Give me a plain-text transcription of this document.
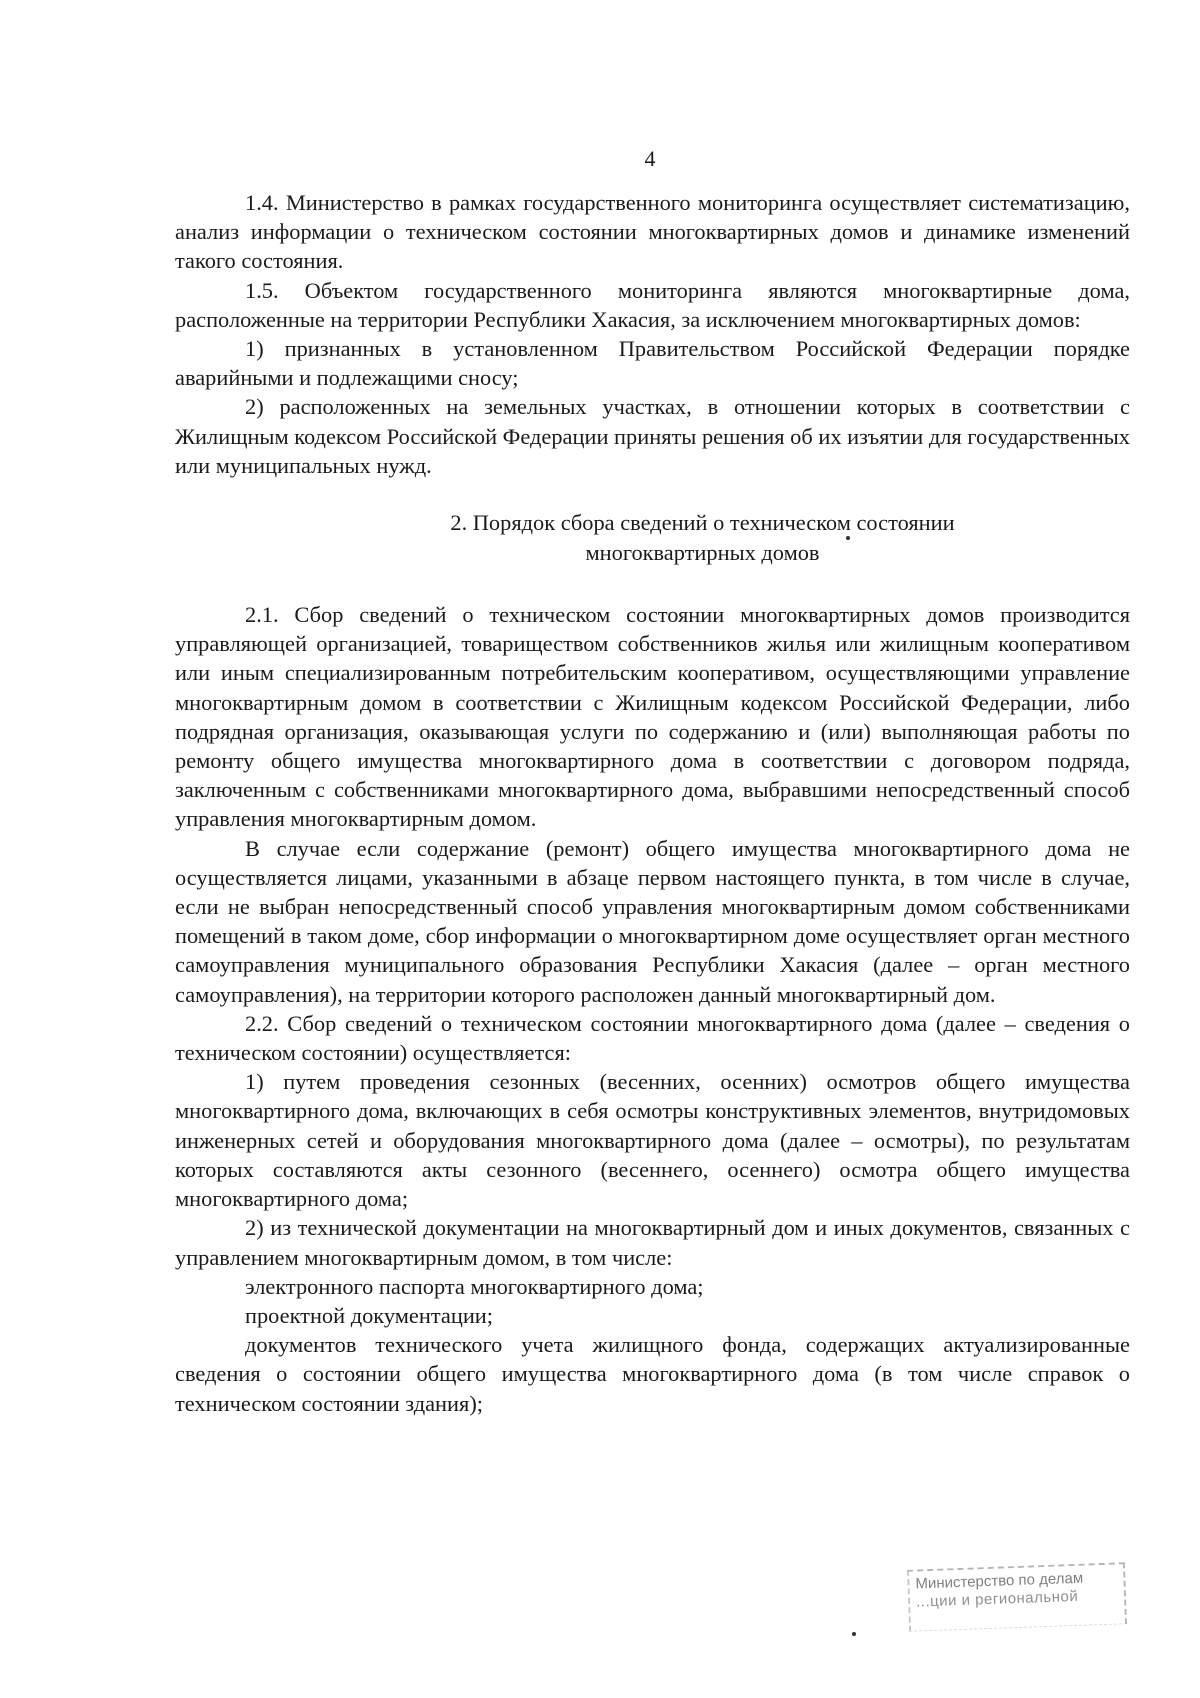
4

1.4. Министерство в рамках государственного мониторинга осуществляет систематизацию, анализ информации о техническом состоянии многоквартирных домов и динамике изменений такого состояния.

1.5. Объектом государственного мониторинга являются многоквартирные дома, расположенные на территории Республики Хакасия, за исключением многоквартирных домов:

1) признанных в установленном Правительством Российской Федерации порядке аварийными и подлежащими сносу;

2) расположенных на земельных участках, в отношении которых в соответствии с Жилищным кодексом Российской Федерации приняты решения об их изъятии для государственных или муниципальных нужд.

2. Порядок сбора сведений о техническом состоянии
многоквартирных домов

2.1. Сбор сведений о техническом состоянии многоквартирных домов производится управляющей организацией, товариществом собственников жилья или жилищным кооперативом или иным специализированным потребительским кооперативом, осуществляющими управление многоквартирным домом в соответствии с Жилищным кодексом Российской Федерации, либо подрядная организация, оказывающая услуги по содержанию и (или) выполняющая работы по ремонту общего имущества многоквартирного дома в соответствии с договором подряда, заключенным с собственниками многоквартирного дома, выбравшими непосредственный способ управления многоквартирным домом.

В случае если содержание (ремонт) общего имущества многоквартирного дома не осуществляется лицами, указанными в абзаце первом настоящего пункта, в том числе в случае, если не выбран непосредственный способ управления многоквартирным домом собственниками помещений в таком доме, сбор информации о многоквартирном доме осуществляет орган местного самоуправления муниципального образования Республики Хакасия (далее – орган местного самоуправления), на территории которого расположен данный многоквартирный дом.

2.2. Сбор сведений о техническом состоянии многоквартирного дома (далее – сведения о техническом состоянии) осуществляется:

1) путем проведения сезонных (весенних, осенних) осмотров общего имущества многоквартирного дома, включающих в себя осмотры конструктивных элементов, внутридомовых инженерных сетей и оборудования многоквартирного дома (далее – осмотры), по результатам которых составляются акты сезонного (весеннего, осеннего) осмотра общего имущества многоквартирного дома;

2) из технической документации на многоквартирный дом и иных документов, связанных с управлением многоквартирным домом, в том числе:

электронного паспорта многоквартирного дома;

проектной документации;

документов технического учета жилищного фонда, содержащих актуализированные сведения о состоянии общего имущества многоквартирного дома (в том числе справок о техническом состоянии здания);

Министерство по делам
...ции и региональной
